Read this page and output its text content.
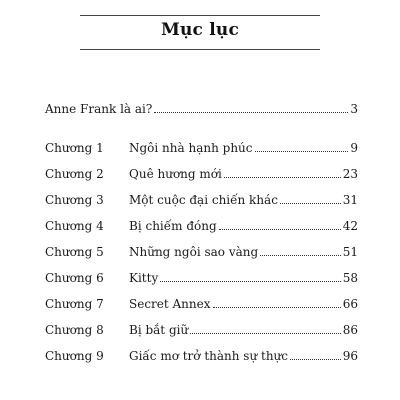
Mục lục
Anne Frank là ai?	3
Chương 1	Ngôi nhà hạnh phúc	9
Chương 2	Quê hương mới	23
Chương 3	Một cuộc đại chiến khác	31
Chương 4	Bị chiếm đóng	42
Chương 5	Những ngôi sao vàng	51
Chương 6	Kitty	58
Chương 7	Secret Annex	66
Chương 8	Bị bắt giữ	86
Chương 9	Giấc mơ trở thành sự thực	96
